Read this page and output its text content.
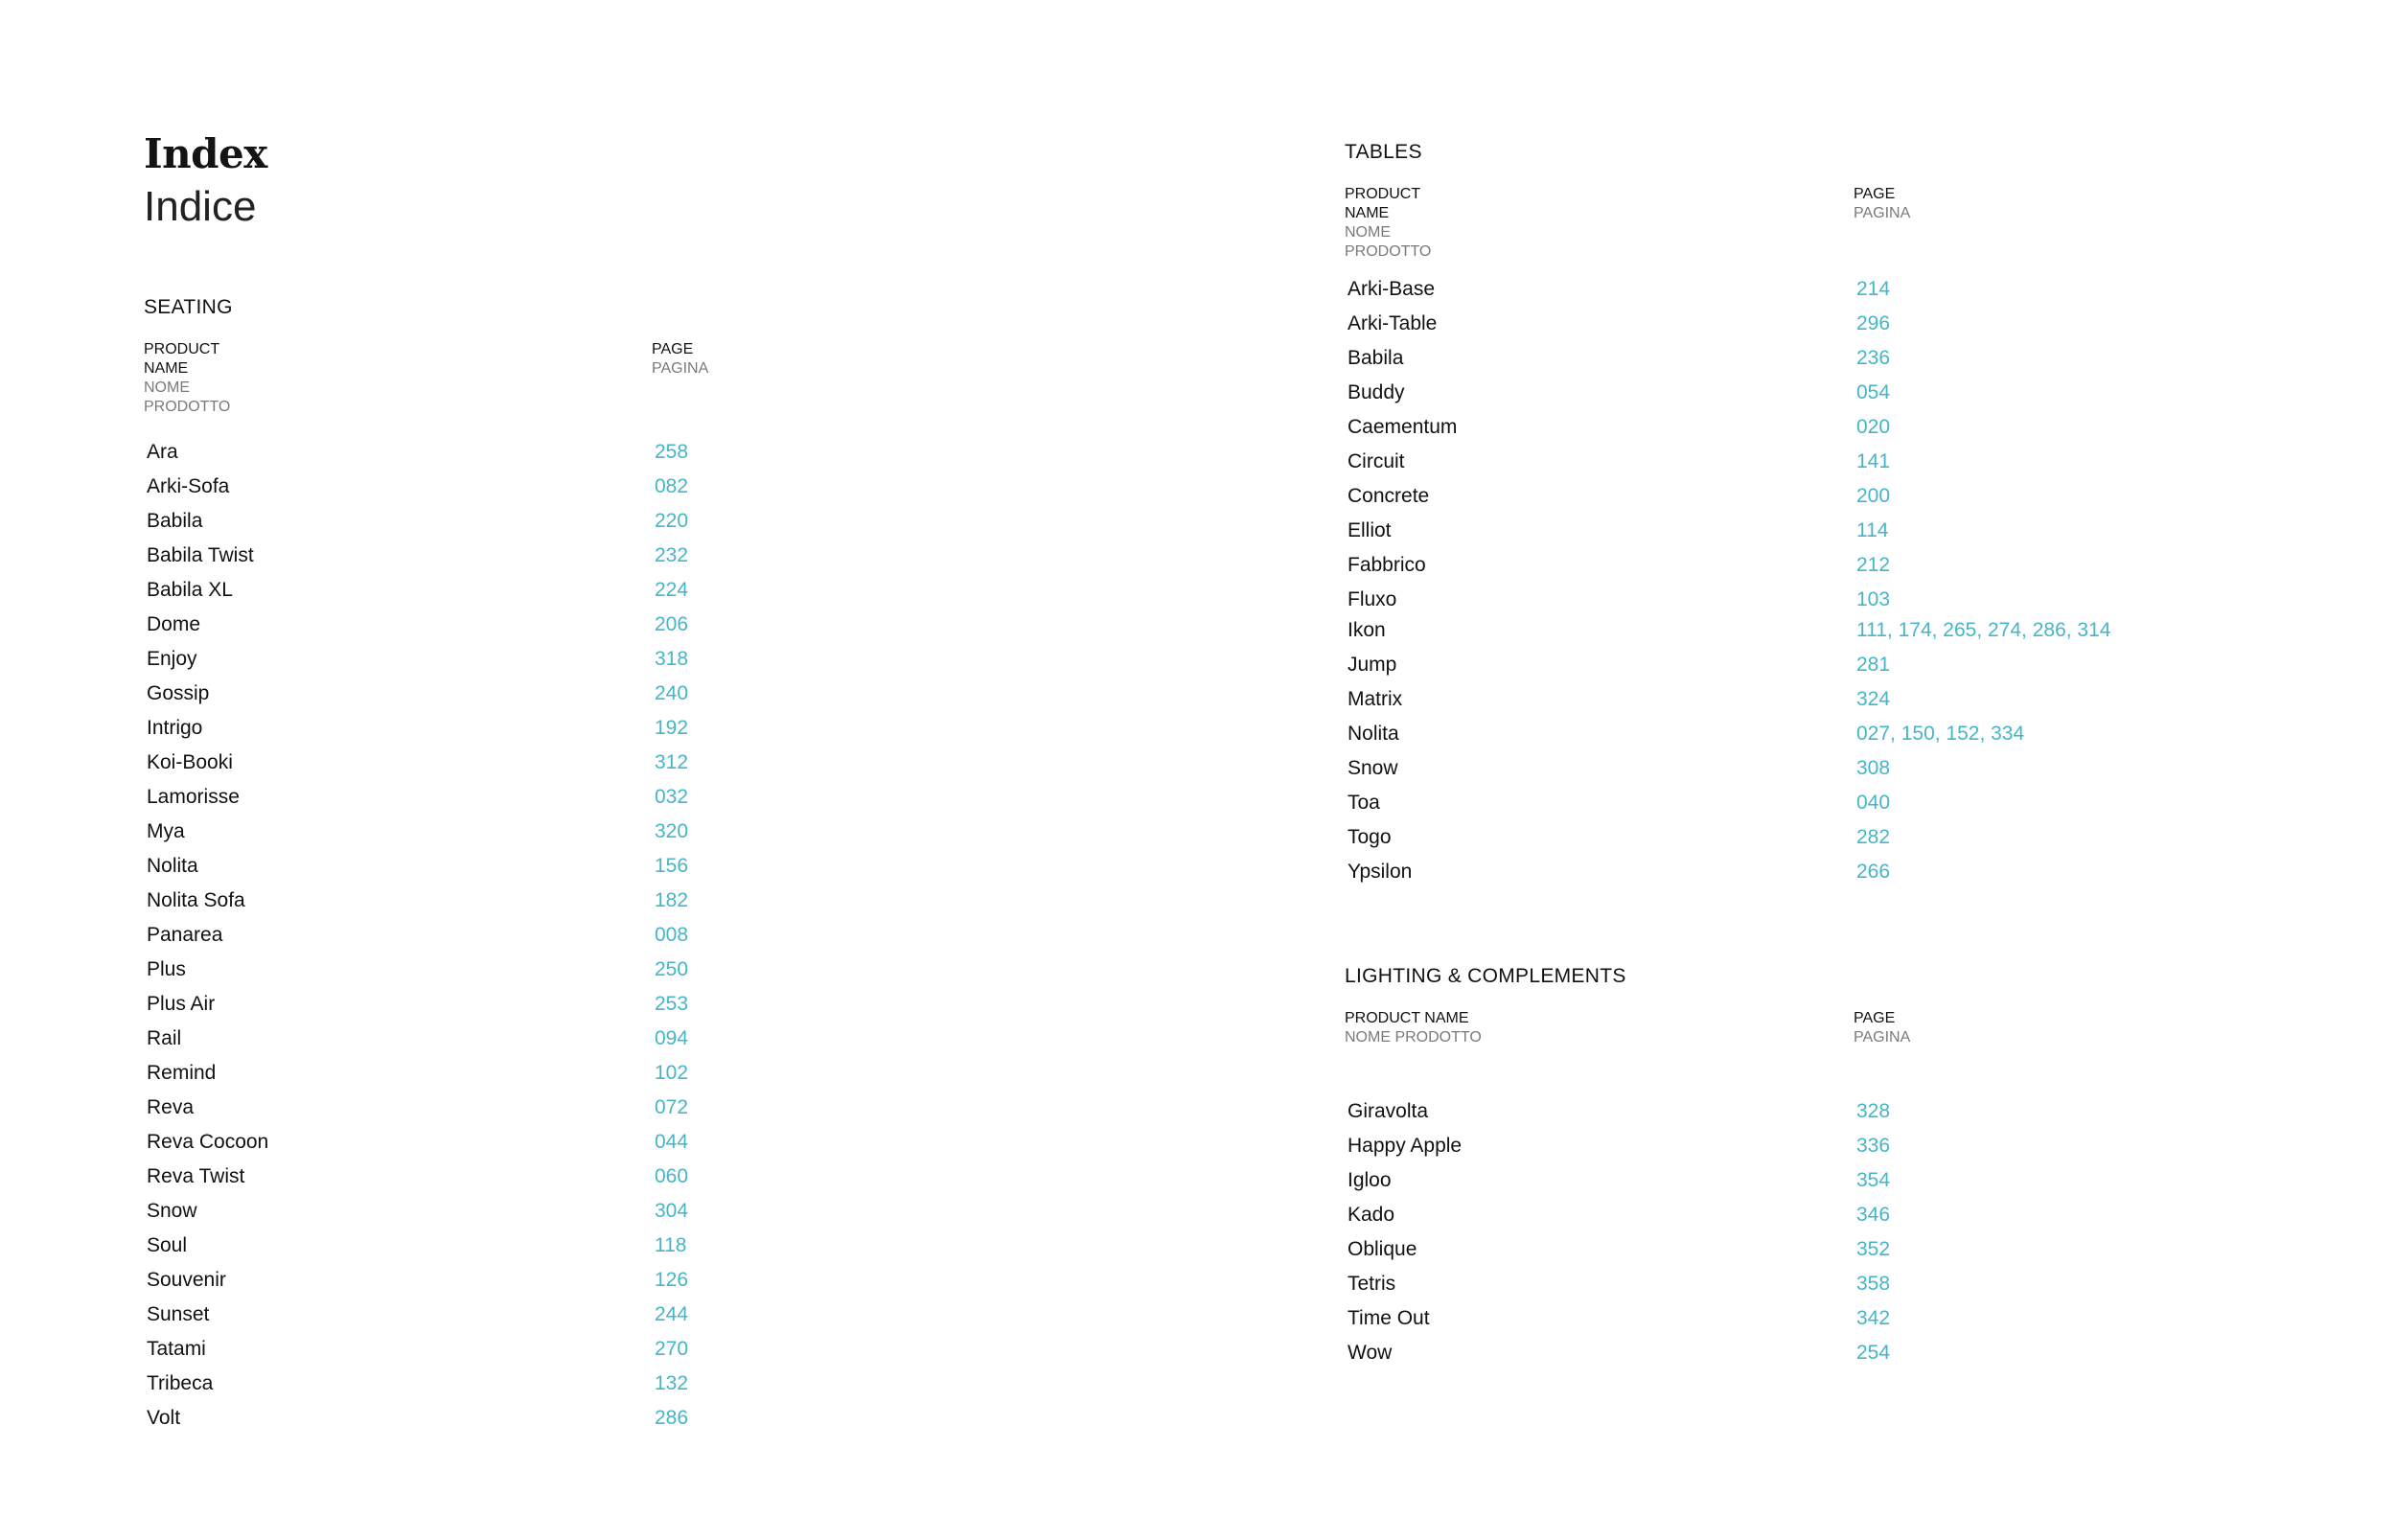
Index
Indice
SEATING
PRODUCT NAME
NOME PRODOTTO
PAGE
PAGINA
Ara	258
Arki-Sofa	082
Babila	220
Babila Twist	232
Babila XL	224
Dome	206
Enjoy	318
Gossip	240
Intrigo	192
Koi-Booki	312
Lamorisse	032
Mya	320
Nolita	156
Nolita Sofa	182
Panarea	008
Plus	250
Plus Air	253
Rail	094
Remind	102
Reva	072
Reva Cocoon	044
Reva Twist	060
Snow	304
Soul	118
Souvenir	126
Sunset	244
Tatami	270
Tribeca	132
Volt	286
TABLES
PRODUCT NAME
NOME PRODOTTO
PAGE
PAGINA
Arki-Base	214
Arki-Table	296
Babila	236
Buddy	054
Caementum	020
Circuit	141
Concrete	200
Elliot	114
Fabbrico	212
Fluxo	103
Ikon	111, 174, 265, 274, 286, 314
Jump	281
Matrix	324
Nolita	027, 150, 152, 334
Snow	308
Toa	040
Togo	282
Ypsilon	266
LIGHTING & COMPLEMENTS
PRODUCT NAME
NOME PRODOTTO
PAGE
PAGINA
Giravolta	328
Happy Apple	336
Igloo	354
Kado	346
Oblique	352
Tetris	358
Time Out	342
Wow	254
